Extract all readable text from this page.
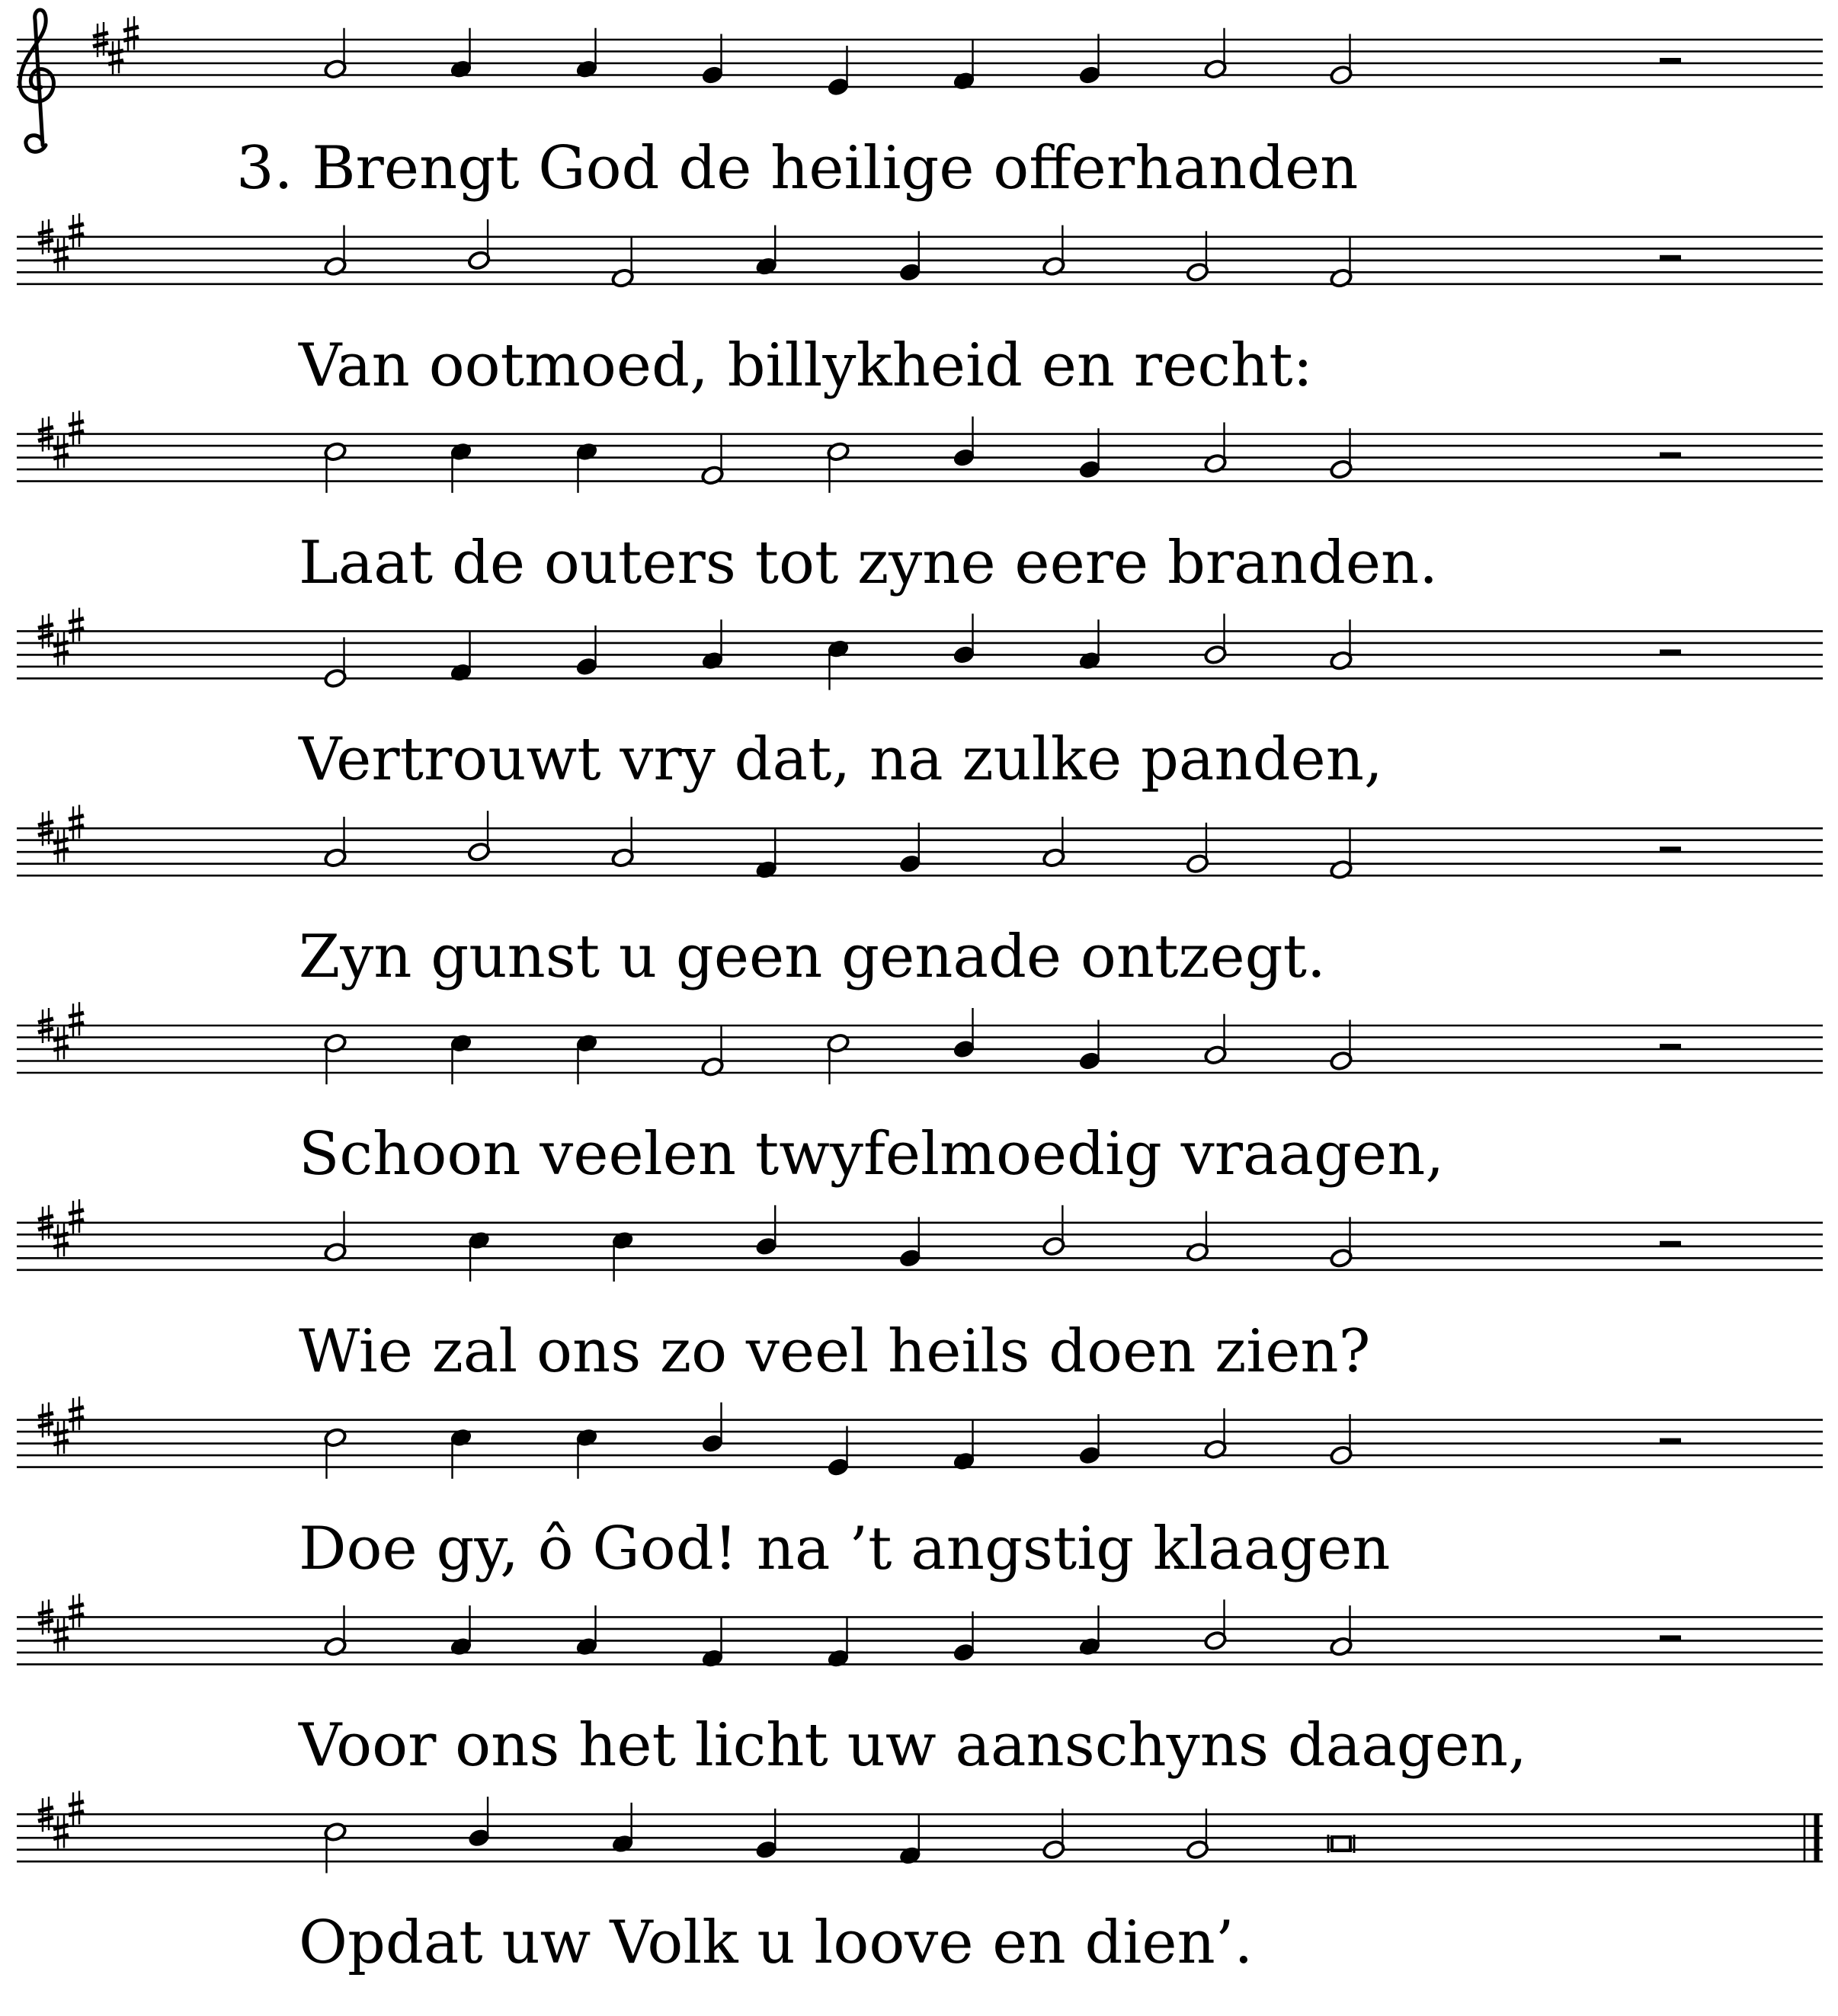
3. Brengt God de heilige offerhanden
Van ootmoed, billykheid en recht:
Laat de outers tot zyne eere branden.
Vertrouwt vry dat, na zulke panden,
Zyn gunst u geen genade ontzegt.
Schoon veelen twyfelmoedig vraagen,
Wie zal ons zo veel heils doen zien?
Doe gy, ô God! na ’t angstig klaagen
Voor ons het licht uw aanschyns daagen,
Opdat uw Volk u loove en dien’.
